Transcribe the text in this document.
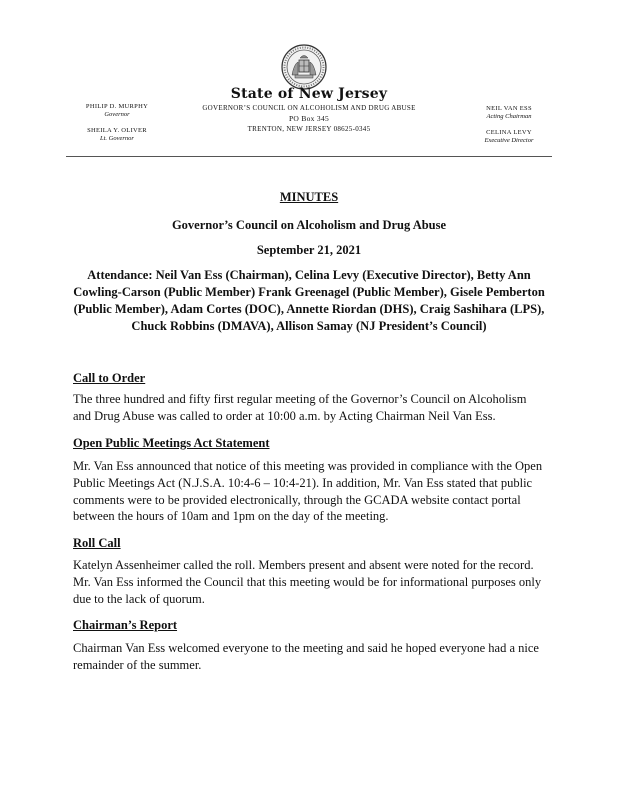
State of New Jersey
GOVERNOR’S COUNCIL ON ALCOHOLISM AND DRUG ABUSE
PO Box 345
TRENTON, NEW JERSEY 08625-0345
PHILIP D. MURPHY
Governor
SHEILA Y. OLIVER
Lt. Governor
NEIL VAN ESS
Acting Chairman
CELINA LEVY
Executive Director
MINUTES
Governor’s Council on Alcoholism and Drug Abuse
September 21, 2021
Attendance: Neil Van Ess (Chairman), Celina Levy (Executive Director), Betty Ann Cowling-Carson (Public Member) Frank Greenagel (Public Member), Gisele Pemberton (Public Member), Adam Cortes (DOC), Annette Riordan (DHS), Craig Sashihara (LPS), Chuck Robbins (DMAVA), Allison Samay (NJ President’s Council)
Call to Order
The three hundred and fifty first regular meeting of the Governor’s Council on Alcoholism and Drug Abuse was called to order at 10:00 a.m. by Acting Chairman Neil Van Ess.
Open Public Meetings Act Statement
Mr. Van Ess announced that notice of this meeting was provided in compliance with the Open Public Meetings Act (N.J.S.A. 10:4-6 – 10:4-21). In addition, Mr. Van Ess stated that public comments were to be provided electronically, through the GCADA website contact portal between the hours of 10am and 1pm on the day of the meeting.
Roll Call
Katelyn Assenheimer called the roll. Members present and absent were noted for the record. Mr. Van Ess informed the Council that this meeting would be for informational purposes only due to the lack of quorum.
Chairman’s Report
Chairman Van Ess welcomed everyone to the meeting and said he hoped everyone had a nice remainder of the summer.
